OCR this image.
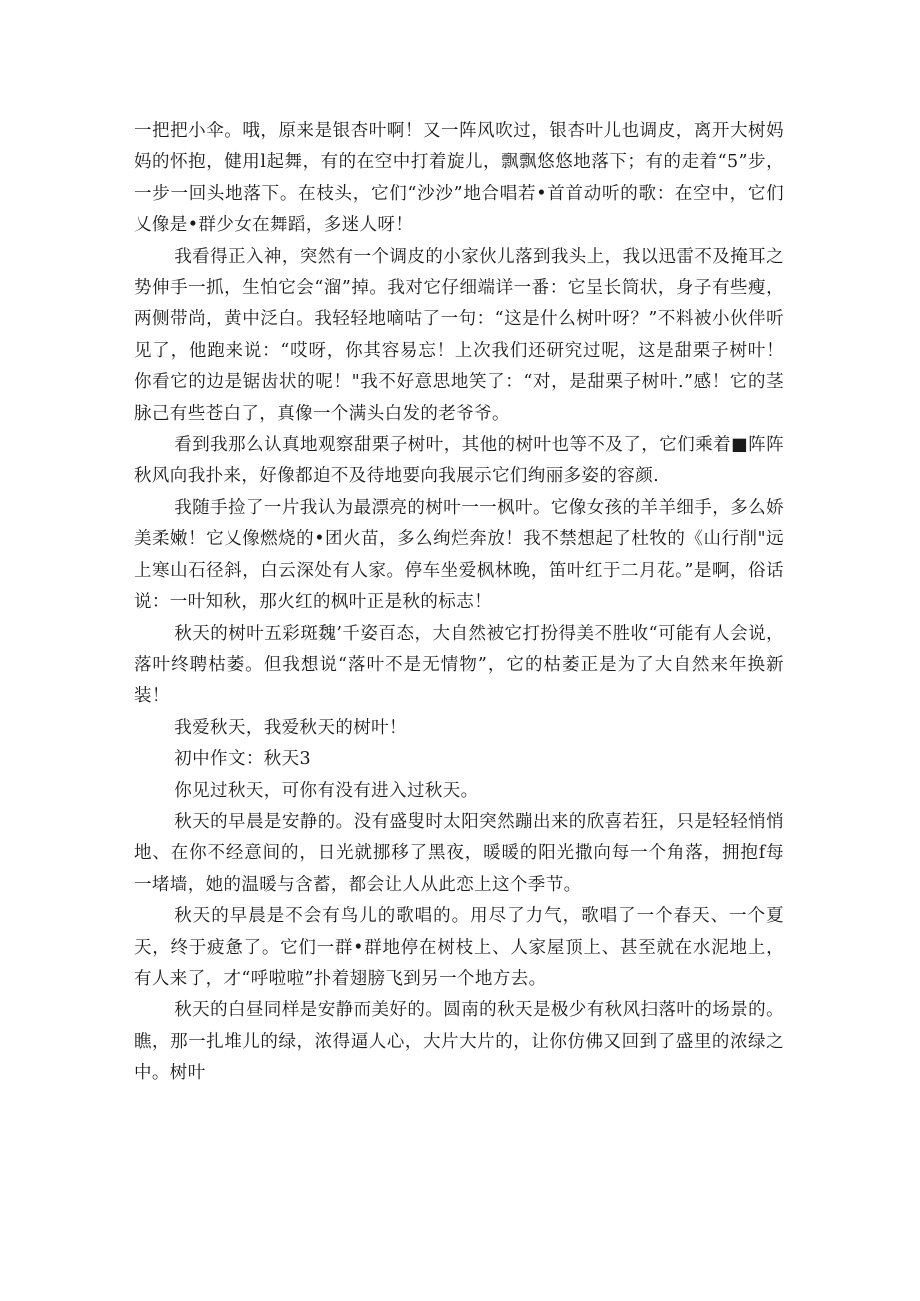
一把把小伞。哦，原来是银杏叶啊！又一阵风吹过，银杏叶儿也调皮，离开大树妈妈的怀抱，健用l起舞，有的在空中打着旋儿，飘飘悠悠地落下；有的走着“5”步，一步一回头地落下。在枝头，它们“沙沙”地合唱若•首首动听的歌：在空中，它们乂像是•群少女在舞蹈，多迷人呀！

我看得正入神，突然有一个调皮的小家伙儿落到我头上，我以迅雷不及掩耳之势伸手一抓，生怕它会“溜”掉。我对它仔细端详一番：它呈长筒状，身子有些瘦，两侧带尚，黄中泛白。我轻轻地嘀咕了一句：“这是什么树叶呀？”不料被小伙伴听见了，他跑来说：“哎呀，你其容易忘！上次我们还研究过呢，这是甜栗子树叶！你看它的边是锯齿状的呢！"我不好意思地笑了：“对，是甜栗子树叶.”感！它的茎脉己有些苍白了，真像一个满头白发的老爷爷。

看到我那么认真地观察甜栗子树叶，其他的树叶也等不及了，它们乘着■阵阵秋风向我扑来，好像都迫不及待地要向我展示它们绚丽多姿的容颜.

我随手捡了一片我认为最漂亮的树叶一一枫叶。它像女孩的羊羊细手，多么娇美柔嫩！它乂像燃烧的•团火苗，多么绚烂奔放！我不禁想起了杜牧的《山行削"远上寒山石径斜，白云深处有人家。停车坐爱枫林晚，笛叶红于二月花。”是啊，俗话说：一叶知秋，那火红的枫叶正是秋的标志！

秋天的树叶五彩斑魏’千姿百态，大自然被它打扮得美不胜收“可能有人会说，落叶终聘枯萎。但我想说“落叶不是无情物”，它的枯萎正是为了大自然来年换新装！

我爱秋天，我爱秋天的树叶！

初中作文：秋天3

你见过秋天，可你有没有进入过秋天。

秋天的早晨是安静的。没有盛叟时太阳突然蹦出来的欣喜若狂，只是轻轻悄悄地、在你不经意间的，日光就挪移了黑夜，暖暖的阳光撒向每一个角落，拥抱f每一堵墙，她的温暖与含蓄，都会让人从此恋上这个季节。

秋天的早晨是不会有鸟儿的歌唱的。用尽了力气，歌唱了一个春天、一个夏天，终于疲惫了。它们一群•群地停在树枝上、人家屋顶上、甚至就在水泥地上，有人来了，才“呼啦啦”扑着翅膀飞到另一个地方去。

秋天的白昼同样是安静而美好的。圆南的秋天是极少有秋风扫落叶的场景的。瞧，那一扎堆儿的绿，浓得逼人心，大片大片的，让你仿佛又回到了盛里的浓绿之中。树叶
